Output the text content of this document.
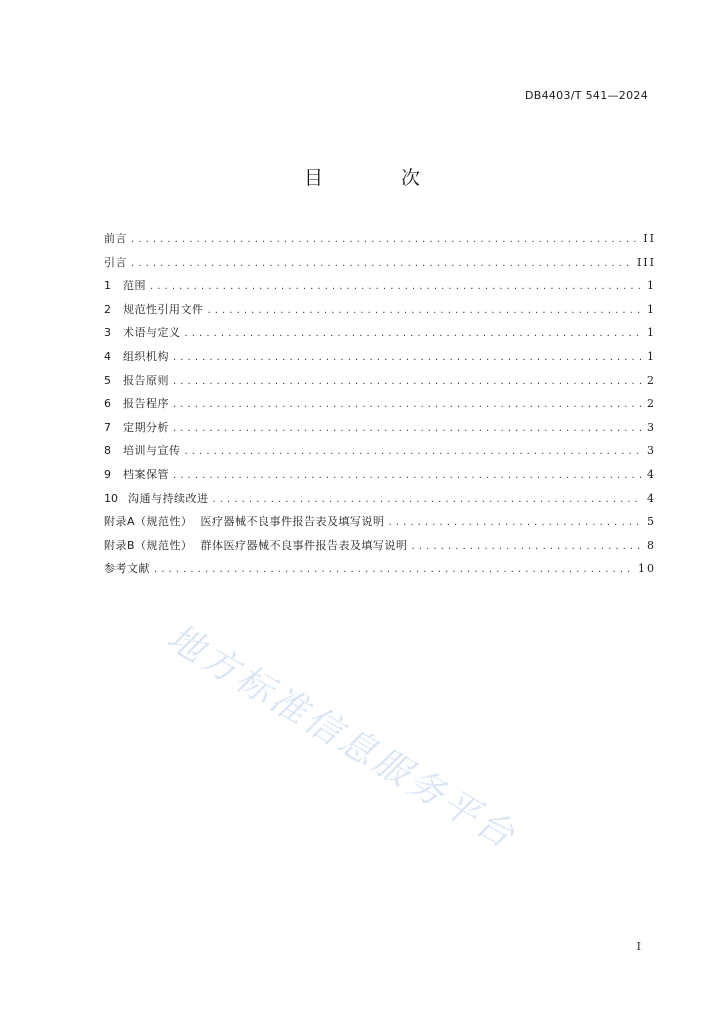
DB4403/T 541—2024
目 次
前言 .....	II
引言 .....	III
1	范围 .....	1
2	规范性引用文件 .....	1
3	术语与定义 .....	1
4	组织机构 .....	1
5	报告原则 .....	2
6	报告程序 .....	2
7	定期分析 .....	3
8	培训与宣传 .....	3
9	档案保管 .....	4
10 沟通与持续改进 .....	4
附录A（规范性）  医疗器械不良事件报告表及填写说明 .....	5
附录B（规范性）  群体医疗器械不良事件报告表及填写说明 .....	8
参考文献 .....	10
地方标准信息服务平台
I
